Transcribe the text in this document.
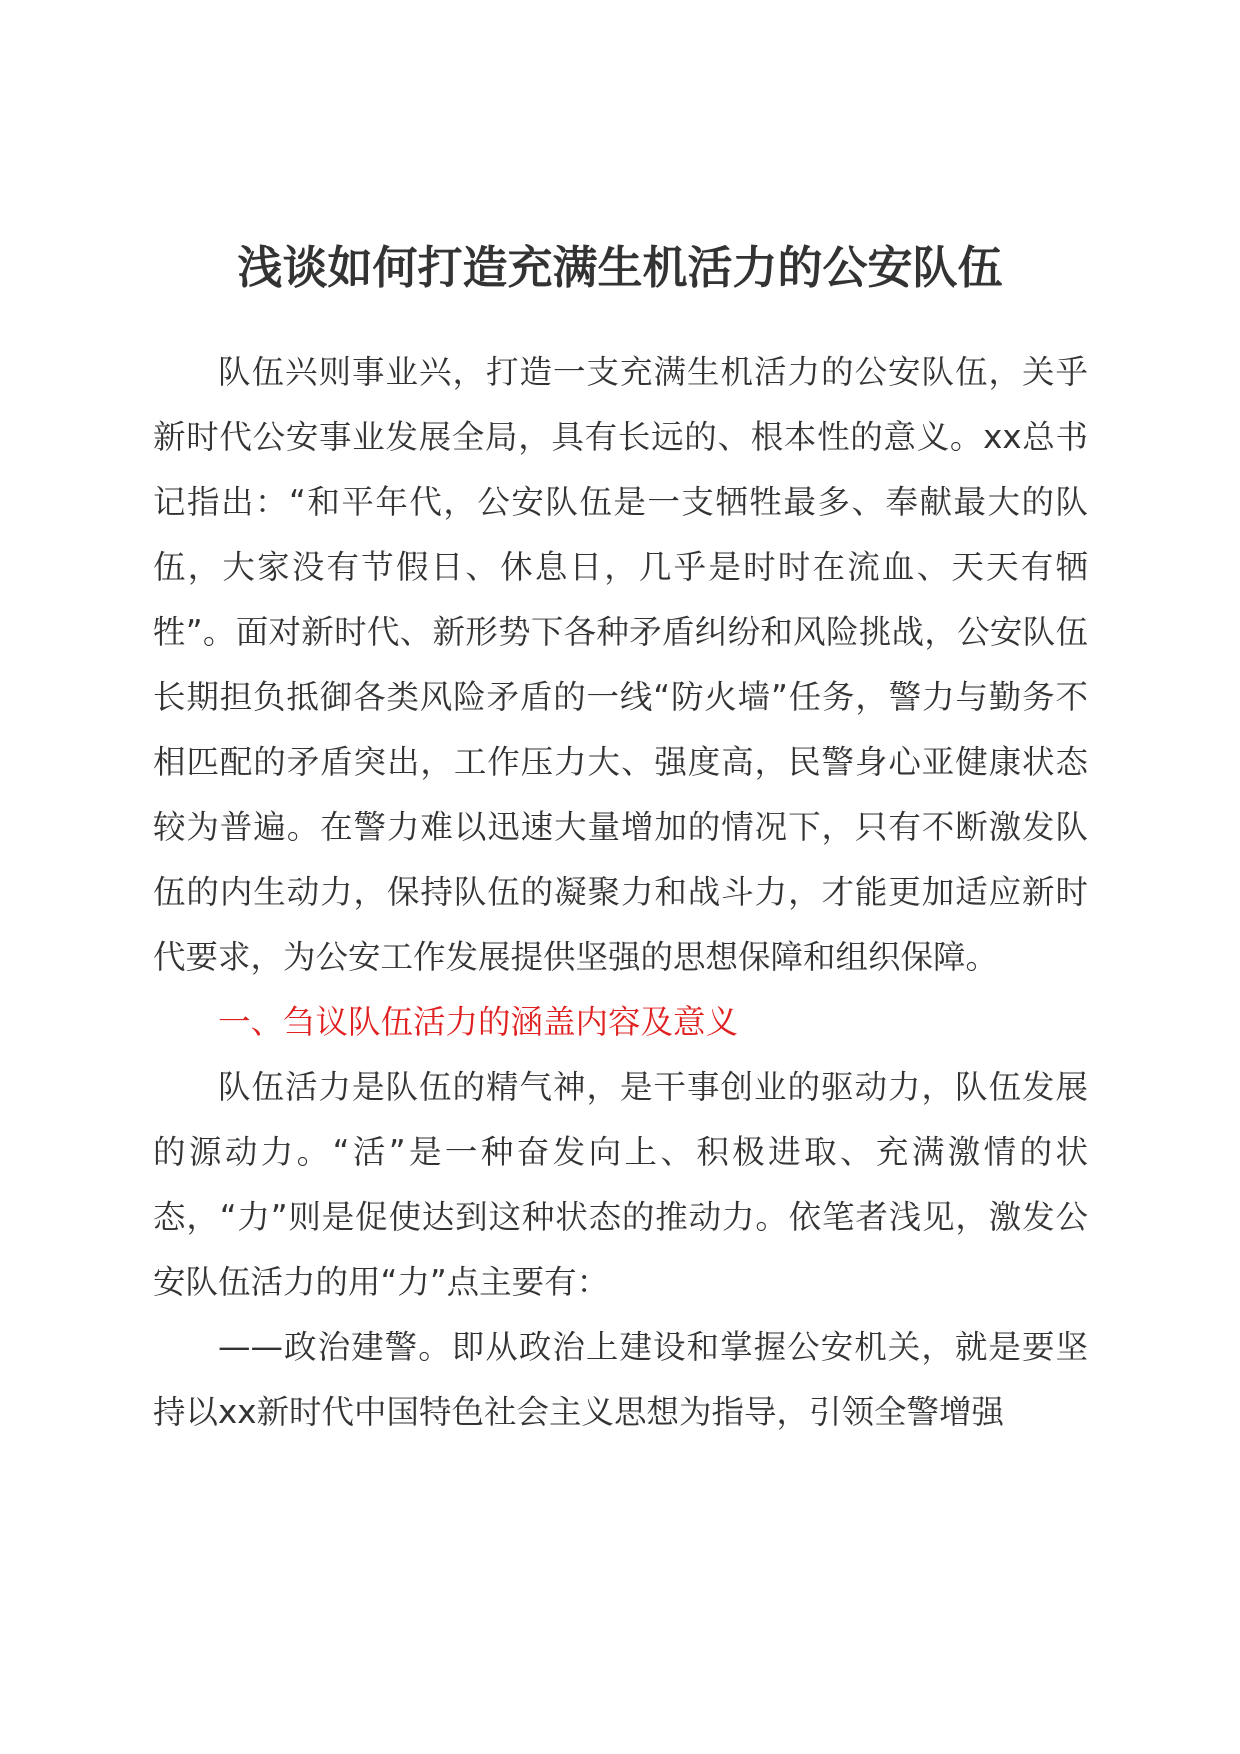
浅谈如何打造充满生机活力的公安队伍

队伍兴则事业兴，打造一支充满生机活力的公安队伍，关乎新时代公安事业发展全局，具有长远的、根本性的意义。xx总书记指出：“和平年代，公安队伍是一支牺牲最多、奉献最大的队伍，大家没有节假日、休息日，几乎是时时在流血、天天有牺牲”。面对新时代、新形势下各种矛盾纠纷和风险挑战，公安队伍长期担负抵御各类风险矛盾的一线“防火墙”任务，警力与勤务不相匹配的矛盾突出，工作压力大、强度高，民警身心亚健康状态较为普遍。在警力难以迅速大量增加的情况下，只有不断激发队伍的内生动力，保持队伍的凝聚力和战斗力，才能更加适应新时代要求，为公安工作发展提供坚强的思想保障和组织保障。

一、刍议队伍活力的涵盖内容及意义

队伍活力是队伍的精气神，是干事创业的驱动力，队伍发展的源动力。“活”是一种奋发向上、积极进取、充满激情的状态，“力”则是促使达到这种状态的推动力。依笔者浅见，激发公安队伍活力的用“力”点主要有：

——政治建警。即从政治上建设和掌握公安机关，就是要坚持以xx新时代中国特色社会主义思想为指导，引领全警增强
